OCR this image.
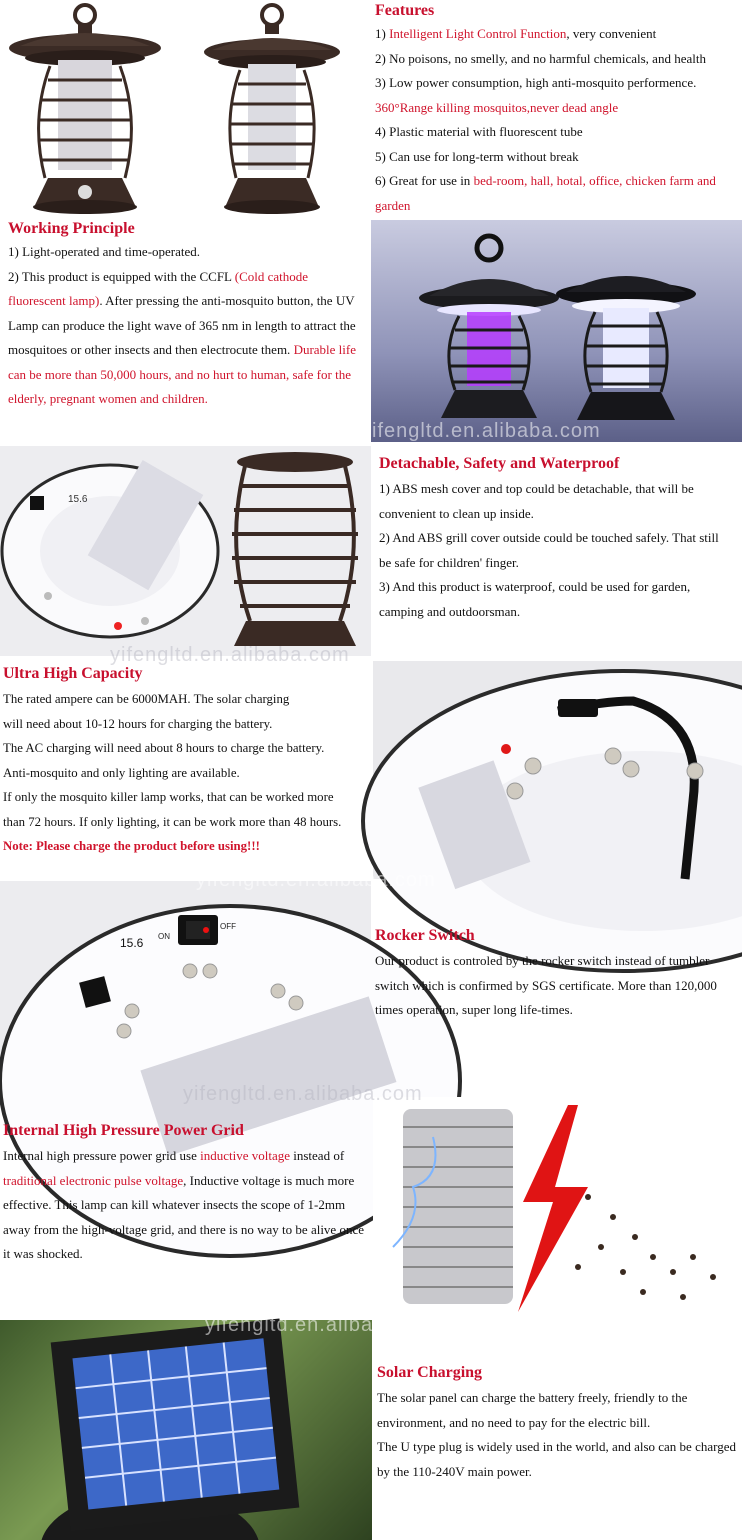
Features
1) Intelligent Light Control Function, very convenient
2) No poisons, no smelly, and no harmful chemicals, and health
3) Low power consumption, high anti-mosquito performence.
360°Range killing mosquitos,never dead angle
4) Plastic material with fluorescent tube
5) Can use for long-term without break
6) Great for use in bed-room, hall, hotal, office, chicken farm and garden
Working Principle
1) Light-operated and time-operated.
2) This product is equipped with the CCFL (Cold cathode fluorescent lamp). After pressing the anti-mosquito button, the UV Lamp can produce the light wave of 365 nm in length to attract the mosquitoes or other insects and then electrocute them. Durable life can be more than 50,000 hours, and no hurt to human, safe for the elderly, pregnant women and children.
yifengltd.en.alibaba.com
15.6
Detachable, Safety and Waterproof
1) ABS mesh cover and top could be detachable, that will be convenient to clean up inside.
2) And ABS grill cover outside could be touched safely. That still be safe for children' finger.
3) And this product is waterproof, could be used for garden, camping and outdoorsman.
Ultra High Capacity
The rated ampere can be 6000MAH. The solar charging
will need about 10-12 hours for charging the battery.
The AC charging will need about 8 hours to charge the battery.
Anti-mosquito and only lighting are available.
If only the mosquito killer lamp works, that can be worked more
than 72 hours. If only lighting, it can be work more than 48 hours.
Note: Please charge the product before using!!!
ON
OFF
15.6
yifengltd.en.alibaba.com
Rocker Switch
Our product is controled by the rocker switch instead of tumbler switch which is confirmed by SGS certificate. More than 120,000 times operation, super long life-times.
Internal High Pressure Power Grid
Internal high pressure power grid use inductive voltage instead of traditional electronic pulse voltage, Inductive voltage is much more effective. This lamp can kill whatever insects the scope of 1-2mm away from the high-voltage grid, and there is no way to be alive once it was shocked.
yifengltd.en.alibaba.com
yifengltd.en.alibaba.com
Solar Charging
The solar panel can charge the battery freely, friendly to the environment, and no need to pay for the electric bill.
The U type plug is widely used in the world, and also can be charged by the 110-240V main power.
yifengltd.en.alibaba.com
